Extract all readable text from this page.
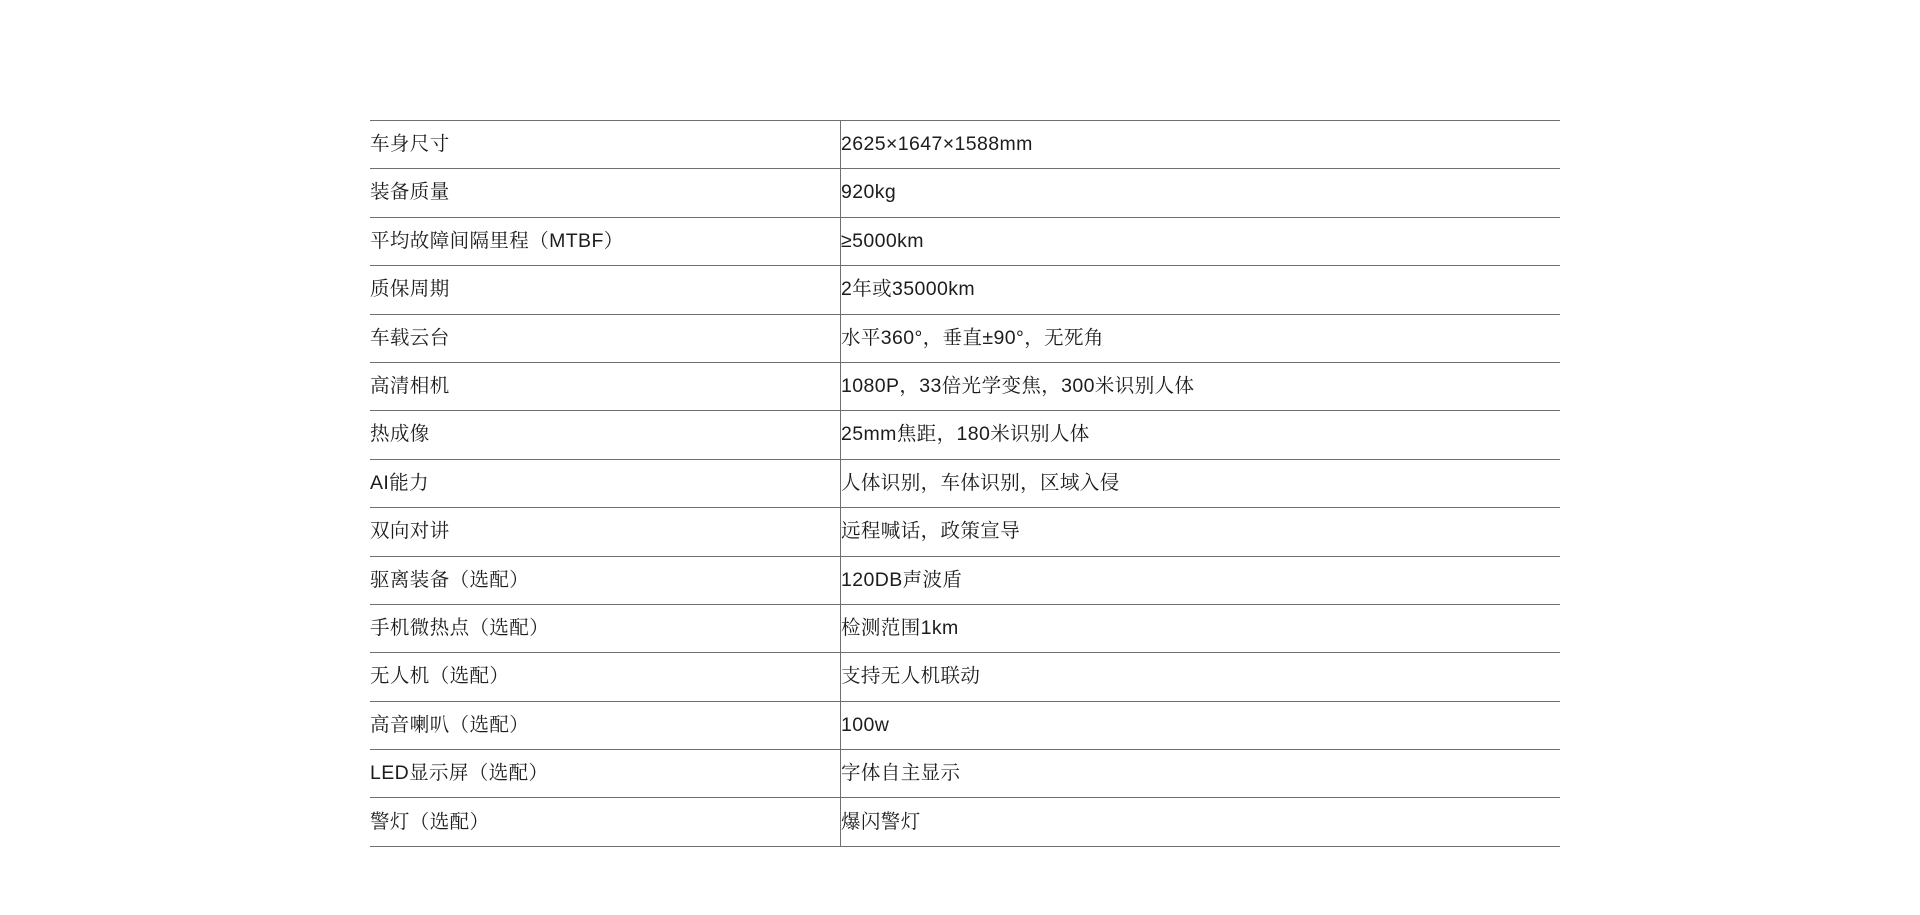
车身尺寸	2625×1647×1588mm
装备质量	920kg
平均故障间隔里程（MTBF）	≥5000km
质保周期	2年或35000km
车载云台	水平360°，垂直±90°，无死角
高清相机	1080P，33倍光学变焦，300米识别人体
热成像	25mm焦距，180米识别人体
AI能力	人体识别，车体识别，区域入侵
双向对讲	远程喊话，政策宣导
驱离装备（选配）	120DB声波盾
手机微热点（选配）	检测范围1km
无人机（选配）	支持无人机联动
高音喇叭（选配）	100w
LED显示屏（选配）	字体自主显示
警灯（选配）	爆闪警灯
